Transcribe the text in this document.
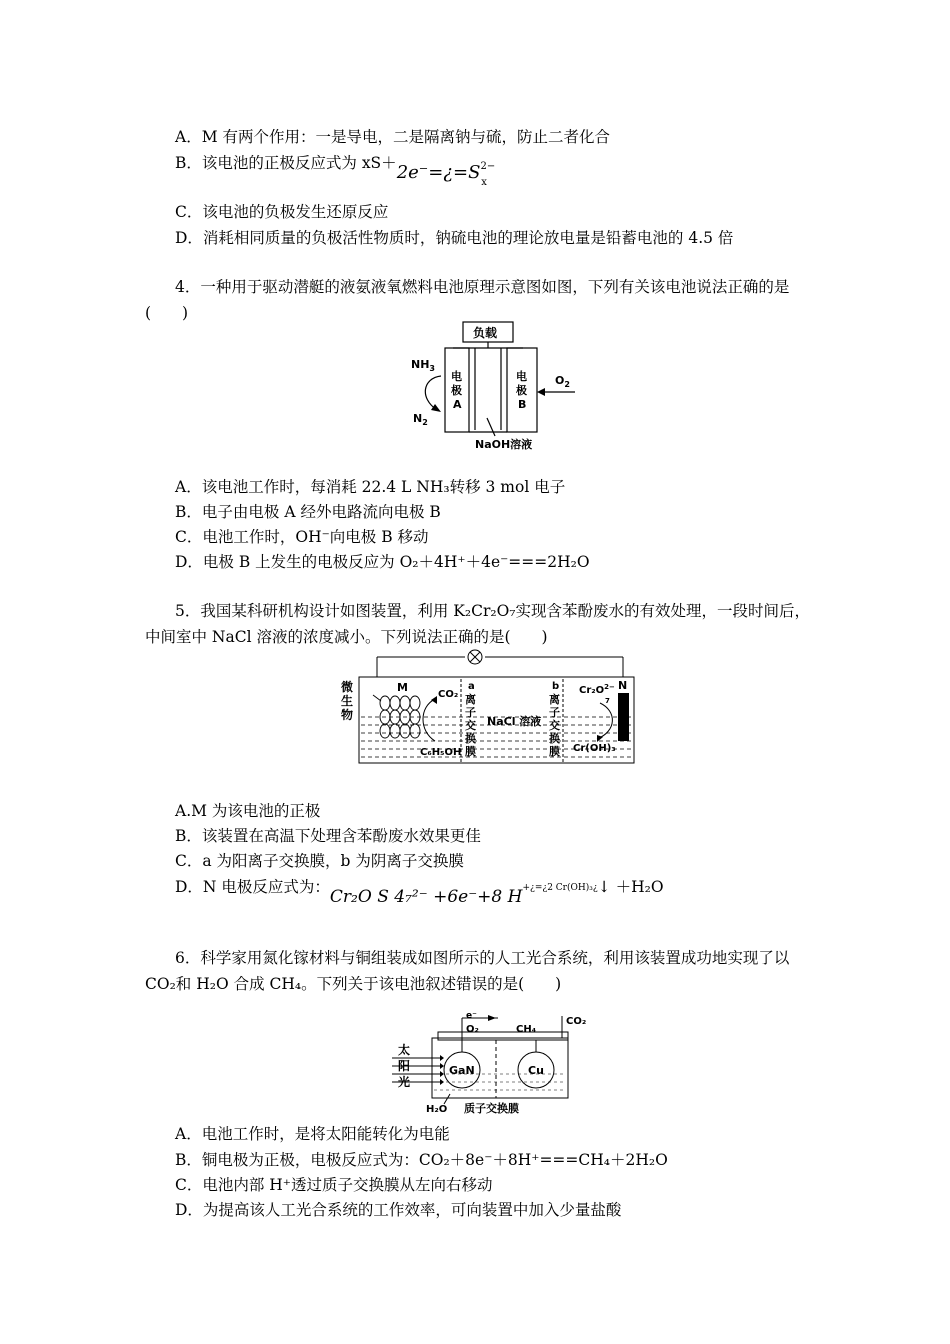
A．M 有两个作用：一是导电，二是隔离钠与硫，防止二者化合
B．该电池的正极反应式为 $xS+2e^-=¿=S2-_x$
C．该电池的负极发生还原反应
D．消耗相同质量的负极活性物质时，钠硫电池的理论放电量是铅蓄电池的 4.5 倍
4．一种用于驱动潜艇的液氨液氧燃料电池原理示意图如图，下列有关该电池说法正确的是(　　)
负载
$NH_3$
$N_2$
$O_2$
电
极
A
电
极
B
NaOH溶液
A．该电池工作时，每消耗 22.4 L NH₃转移 3 mol 电子
B．电子由电极 A 经外电路流向电极 B
C．电池工作时，OH⁻向电极 B 移动
D．电极 B 上发生的电极反应为 O₂＋4H⁺＋4e⁻===2H₂O
5．我国某科研机构设计如图装置，利用 K₂Cr₂O₇实现含苯酚废水的有效处理，一段时间后，中间室中 NaCl 溶液的浓度减小。下列说法正确的是(　　)
微
生
物
M
CO₂
C₆H₅OH
a
离
子
交
换
膜
NaCl 溶液
b
离
子
交
换
膜
$Cr_2O^{2-}$
7
Cr(OH)₃
N
A.M 为该电池的正极
B．该装置在高温下处理含苯酚废水效果更佳
C．a 为阳离子交换膜，b 为阴离子交换膜
D．N 电极反应式为：Cr₂O S 4₇²⁻ +6e⁻+8 H+¿=¿2 Cr(OH)₃¿↓ ＋H₂O
6．科学家用氮化镓材料与铜组装成如图所示的人工光合系统，利用该装置成功地实现了以 CO₂和 H₂O 合成 CH₄。下列关于该电池叙述错误的是(　　)
e⁻
O₂	CH₄
CO₂
太
阳
光
GaN	Cu
H₂O 质子交换膜
A．电池工作时，是将太阳能转化为电能
B．铜电极为正极，电极反应式为：CO₂＋8e⁻＋8H⁺===CH₄＋2H₂O
C．电池内部 H⁺透过质子交换膜从左向右移动
D．为提高该人工光合系统的工作效率，可向装置中加入少量盐酸
